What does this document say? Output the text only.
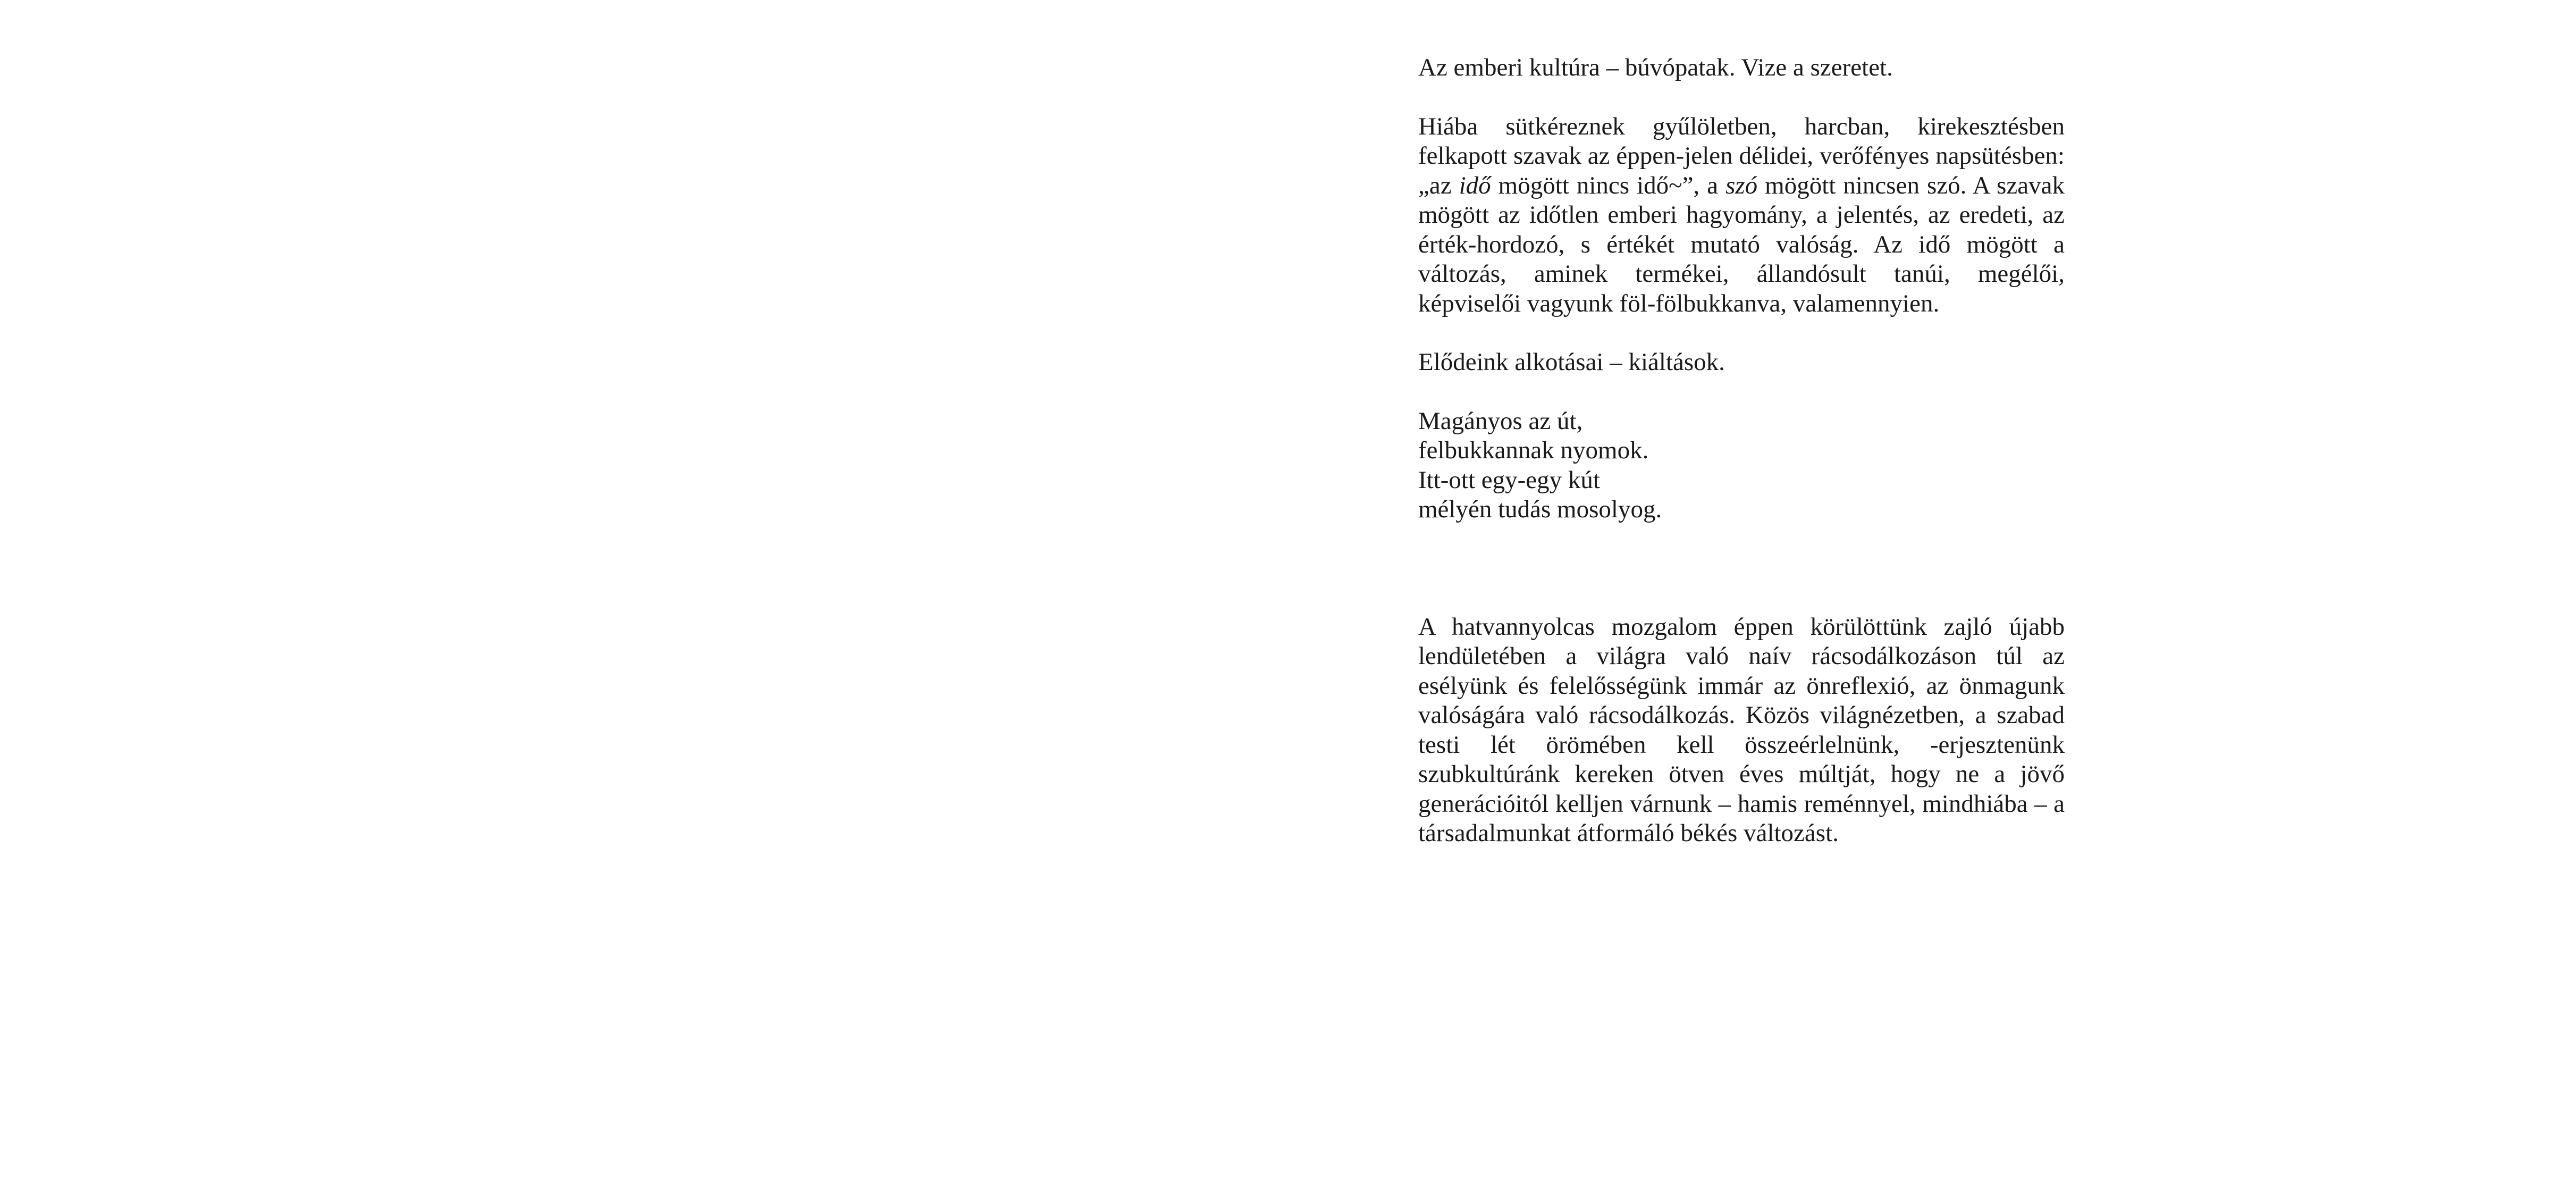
Az emberi kultúra – búvópatak. Vize a szeretet.

Hiába sütkéreznek gyűlöletben, harcban, kirekesztésben felkapott szavak az éppen-jelen délidei, verőfényes napsütésben: „az idő mögött nincs idő~”, a szó mögött nincsen szó. A szavak mögött az időtlen emberi hagyomány, a jelentés, az eredeti, az érték-hordozó, s értékét mutató valóság. Az idő mögött a változás, aminek termékei, állandósult tanúi, megélői, képviselői vagyunk föl-fölbukkanva, valamennyien.

Elődeink alkotásai – kiáltások.

Magányos az út,
felbukkannak nyomok.
Itt-ott egy-egy kút
mélyén tudás mosolyog.

A hatvannyolcas mozgalom éppen körülöttünk zajló újabb lendületében a világra való naív rácsodálkozáson túl az esélyünk és felelősségünk immár az önreflexió, az önmagunk valóságára való rácsodálkozás. Közös világnézetben, a szabad testi lét örömében kell összeérlelnünk, -erjesztenünk szubkultúránk kereken ötven éves múltját, hogy ne a jövő generációitól kelljen várnunk – hamis reménnyel, mindhiába – a társadalmunkat átformáló békés változást.
